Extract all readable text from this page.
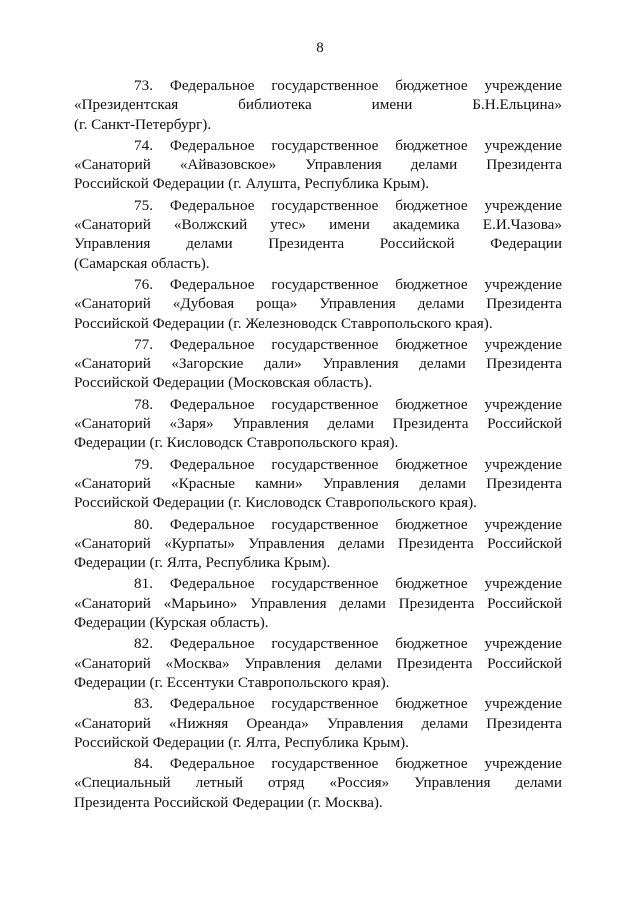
8
73. Федеральное государственное бюджетное учреждение
«Президентская библиотека имени Б.Н.Ельцина»
(г. Санкт-Петербург).
74. Федеральное государственное бюджетное учреждение
«Санаторий «Айвазовское» Управления делами Президента
Российской Федерации (г. Алушта, Республика Крым).
75. Федеральное государственное бюджетное учреждение
«Санаторий «Волжский утес» имени академика Е.И.Чазова»
Управления делами Президента Российской Федерации
(Самарская область).
76. Федеральное государственное бюджетное учреждение
«Санаторий «Дубовая роща» Управления делами Президента
Российской Федерации (г. Железноводск Ставропольского края).
77. Федеральное государственное бюджетное учреждение
«Санаторий «Загорские дали» Управления делами Президента
Российской Федерации (Московская область).
78. Федеральное государственное бюджетное учреждение
«Санаторий «Заря» Управления делами Президента Российской
Федерации (г. Кисловодск Ставропольского края).
79. Федеральное государственное бюджетное учреждение
«Санаторий «Красные камни» Управления делами Президента
Российской Федерации (г. Кисловодск Ставропольского края).
80. Федеральное государственное бюджетное учреждение
«Санаторий «Курпаты» Управления делами Президента Российской
Федерации (г. Ялта, Республика Крым).
81. Федеральное государственное бюджетное учреждение
«Санаторий «Марьино» Управления делами Президента Российской
Федерации (Курская область).
82. Федеральное государственное бюджетное учреждение
«Санаторий «Москва» Управления делами Президента Российской
Федерации (г. Ессентуки Ставропольского края).
83. Федеральное государственное бюджетное учреждение
«Санаторий «Нижняя Ореанда» Управления делами Президента
Российской Федерации (г. Ялта, Республика Крым).
84. Федеральное государственное бюджетное учреждение
«Специальный летный отряд «Россия» Управления делами
Президента Российской Федерации (г. Москва).
